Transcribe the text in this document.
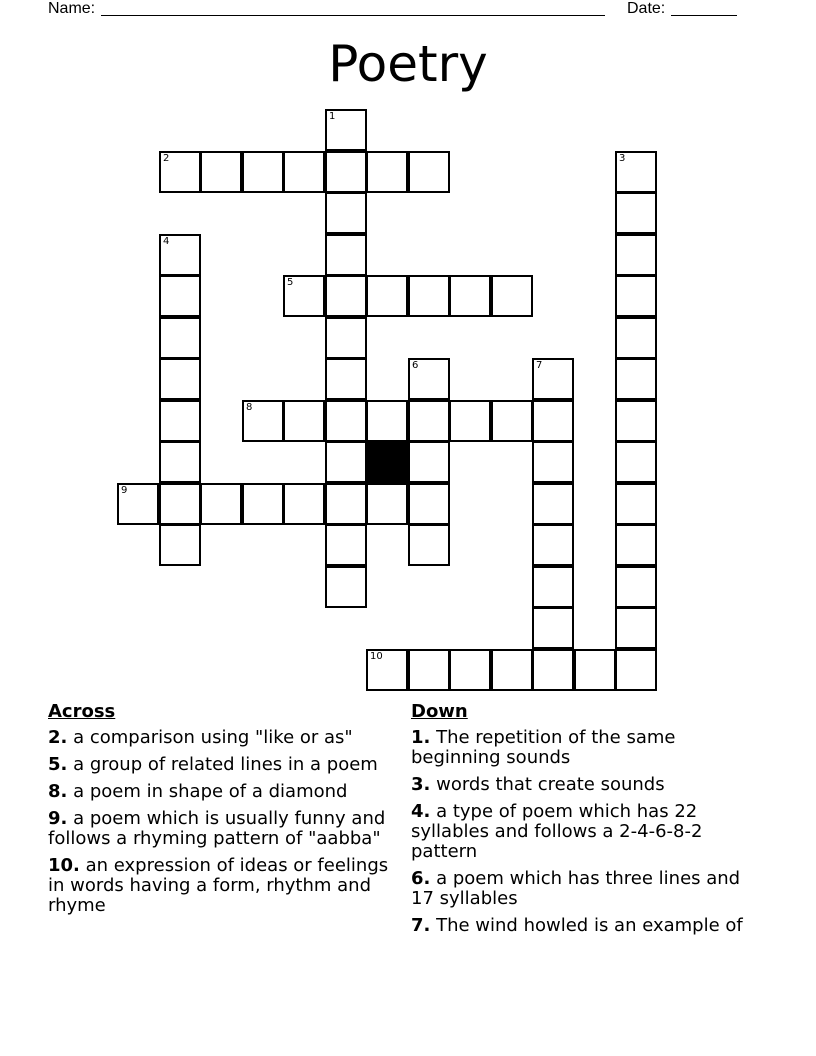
Name:	Date:
Poetry
1
2	3
4
5
6	7
8
9
10
Across
2. a comparison using "like or as"
5. a group of related lines in a poem
8. a poem in shape of a diamond
9. a poem which is usually funny and follows a rhyming pattern of "aabba"
10. an expression of ideas or feelings in words having a form, rhythm and rhyme
Down
1. The repetition of the same beginning sounds
3. words that create sounds
4. a type of poem which has 22 syllables and follows a 2-4-6-8-2 pattern
6. a poem which has three lines and 17 syllables
7. The wind howled is an example of
